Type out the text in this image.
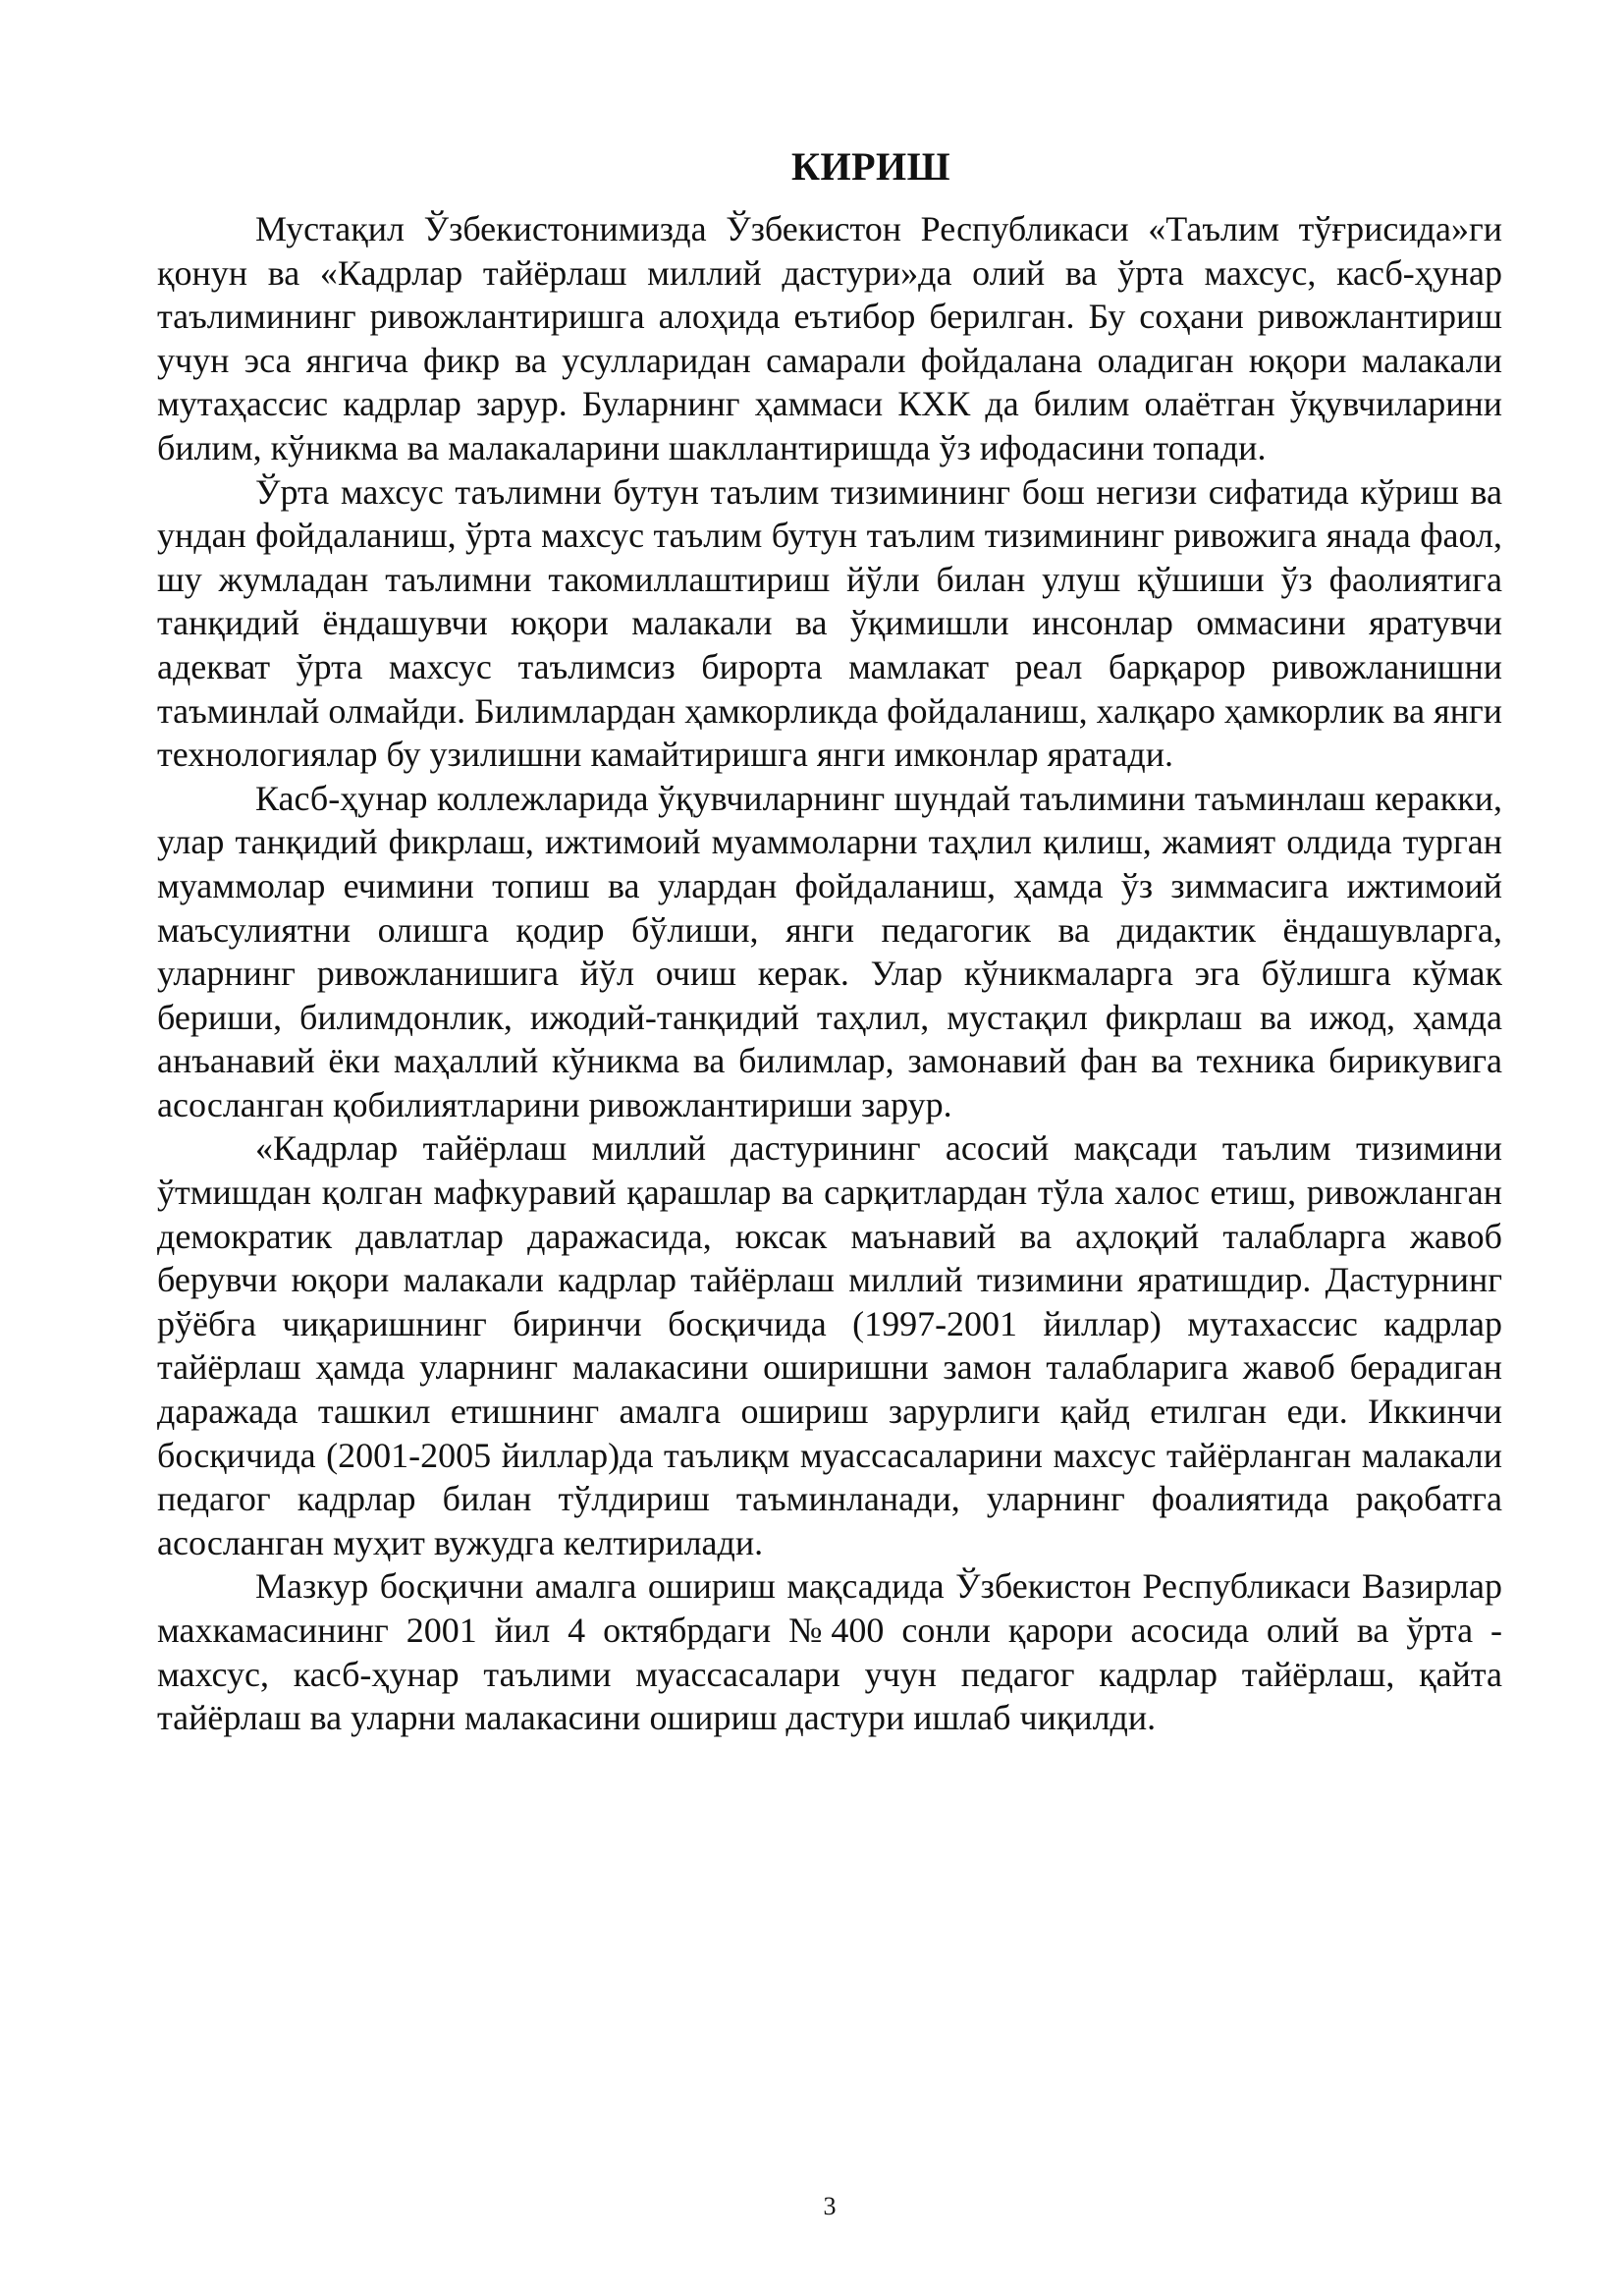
КИРИШ

Мустақил Ўзбекистонимизда Ўзбекистон Республикаси «Таълим тўғрисида»ги қонун ва «Кадрлар тайёрлаш миллий дастури»да олий ва ўрта махсус, касб-ҳунар таълимининг ривожлантиришга алоҳида еътибор берилган. Бу соҳани ривожлантириш учун эса янгича фикр ва усулларидан самарали фойдалана оладиган юқори малакали мутаҳассис кадрлар зарур. Буларнинг ҳаммаси КХК да билим олаётган ўқувчиларини билим, кўникма ва малакаларини шакллантиришда ўз ифодасини топади.

Ўрта махсус таълимни бутун таълим тизимининг бош негизи сифатида кўриш ва ундан фойдаланиш, ўрта махсус таълим бутун таълим тизимининг ривожига янада фаол, шу жумладан таълимни такомиллаштириш йўли билан улуш қўшиши ўз фаолиятига танқидий ёндашувчи юқори малакали ва ўқимишли инсонлар оммасини яратувчи адекват ўрта махсус таълимсиз бирорта мамлакат реал барқарор ривожланишни таъминлай олмайди. Билимлардан ҳамкорликда фойдаланиш, халқаро ҳамкорлик ва янги технологиялар бу узилишни камайтиришга янги имконлар яратади.

Касб-ҳунар коллежларида ўқувчиларнинг шундай таълимини таъминлаш керакки, улар танқидий фикрлаш, ижтимоий муаммоларни таҳлил қилиш, жамият олдида турган муаммолар ечимини топиш ва улардан фойдаланиш, ҳамда ўз зиммасига ижтимоий маъсулиятни олишга қодир бўлиши, янги педагогик ва дидактик ёндашувларга, уларнинг ривожланишига йўл очиш керак. Улар кўникмаларга эга бўлишга кўмак бериши, билимдонлик, ижодий-танқидий таҳлил, мустақил фикрлаш ва ижод, ҳамда анъанавий ёки маҳаллий кўникма ва билимлар, замонавий фан ва техника бирикувига асосланган қобилиятларини ривожлантириши зарур.

«Кадрлар тайёрлаш миллий дастурининг асосий мақсади таълим тизимини ўтмишдан қолган мафкуравий қарашлар ва сарқитлардан тўла халос етиш, ривожланган демократик давлатлар даражасида, юксак маънавий ва аҳлоқий талабларга жавоб берувчи юқори малакали кадрлар тайёрлаш миллий тизимини яратишдир. Дастурнинг рўёбга чиқаришнинг биринчи босқичида (1997-2001 йиллар) мутахассис кадрлар тайёрлаш ҳамда уларнинг малакасини оширишни замон талабларига жавоб берадиган даражада ташкил етишнинг амалга ошириш зарурлиги қайд етилган еди. Иккинчи босқичида (2001-2005 йиллар)да таълиқм муассасаларини махсус тайёрланган малакали педагог кадрлар билан тўлдириш таъминланади, уларнинг фоалиятида рақобатга асосланган муҳит вужудга келтирилади.

Мазкур босқични амалга ошириш мақсадида Ўзбекистон Республикаси Вазирлар махкамасининг 2001 йил 4 октябрдаги №400 сонли қарори асосида олий ва ўрта - махсус, касб-ҳунар таълими муассасалари учун педагог кадрлар тайёрлаш, қайта тайёрлаш ва уларни малакасини ошириш дастури ишлаб чиқилди.

3
